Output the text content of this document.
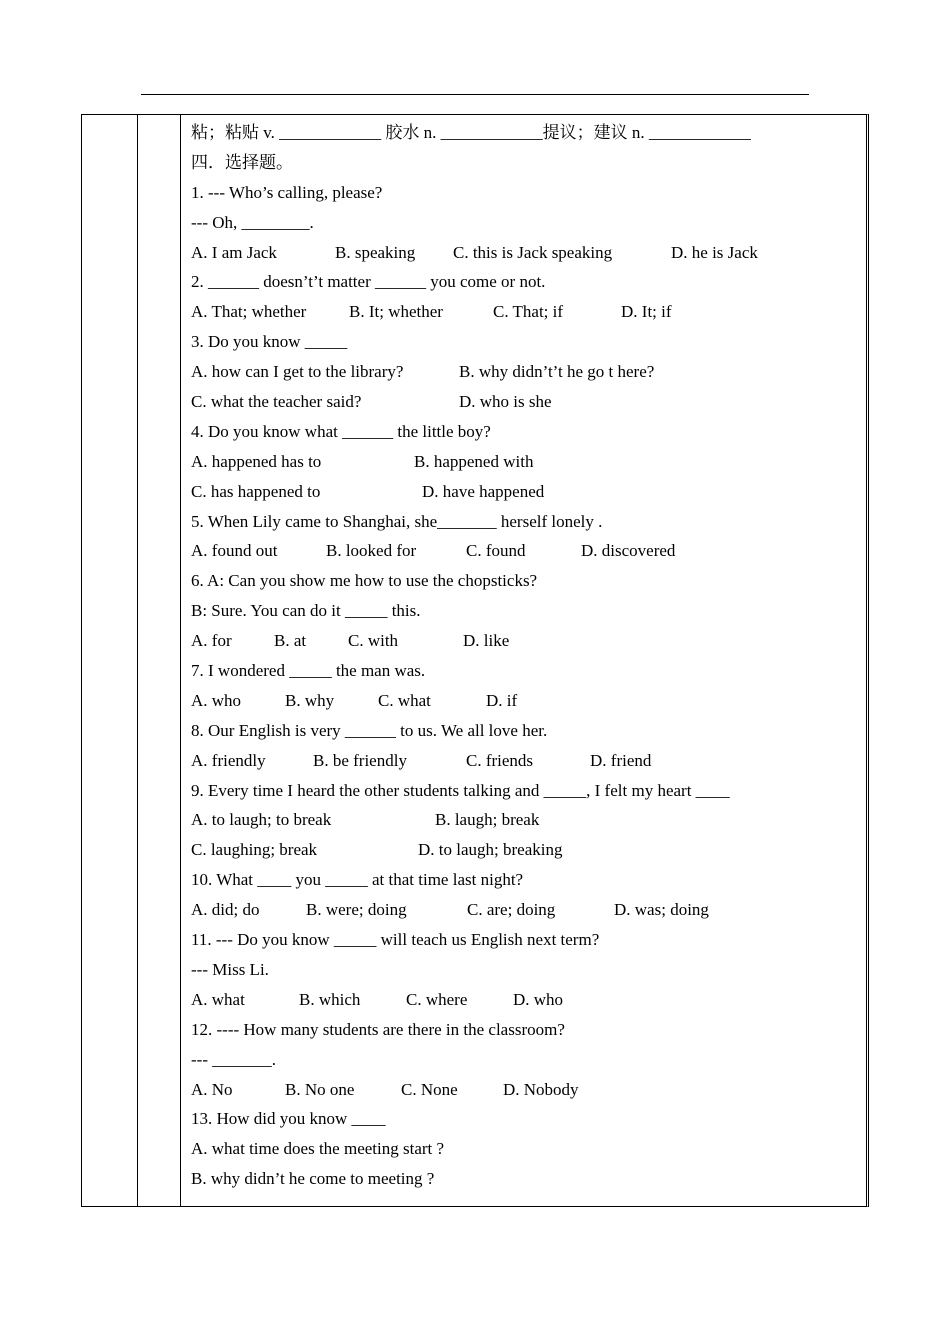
粘；粘贴 v. ____________ 胶水 n. ____________提议；建议 n. ____________
四．选择题。
1. --- Who’s calling, please?
--- Oh, ________.
A. I am Jack	B. speaking C. this is Jack speaking	D. he is Jack
2. ______ doesn’t’t matter ______ you come or not.
A. That; whether	B. It; whether	C. That; if	D. It; if
3. Do you know _____
A. how can I get to the library?	B. why didn’t’t he go t here?
C. what the teacher said?	D. who is she
4. Do you know what ______ the little boy?
A. happened has to	B. happened with
C. has happened to	D. have happened
5. When Lily came to Shanghai, she_______ herself lonely .
A. found out	B. looked for	C. found	D. discovered
6. A: Can you show me how to use the chopsticks?
B: Sure. You can do it _____ this.
A. for B. at C. with	D. like
7. I wondered _____ the man was.
A. who	B. why	C. what	D. if
8. Our English is very ______ to us. We all love her.
A. friendly	B. be friendly	C. friends	D. friend
9. Every time I heard the other students talking and _____, I felt my heart ____
A. to laugh; to break	B. laugh; break
C. laughing; break	D. to laugh; breaking
10. What ____ you _____ at that time last night?
A. did; do	B. were; doing	C. are; doing	D. was; doing
11. --- Do you know _____ will teach us English next term?
--- Miss Li.
A. what	B. which	C. where	D. who
12. ---- How many students are there in the classroom?
--- _______.
A. No	B. No one	C. None	D. Nobody
13. How did you know ____
A. what time does the meeting start ?
B. why didn’t he come to meeting ?
